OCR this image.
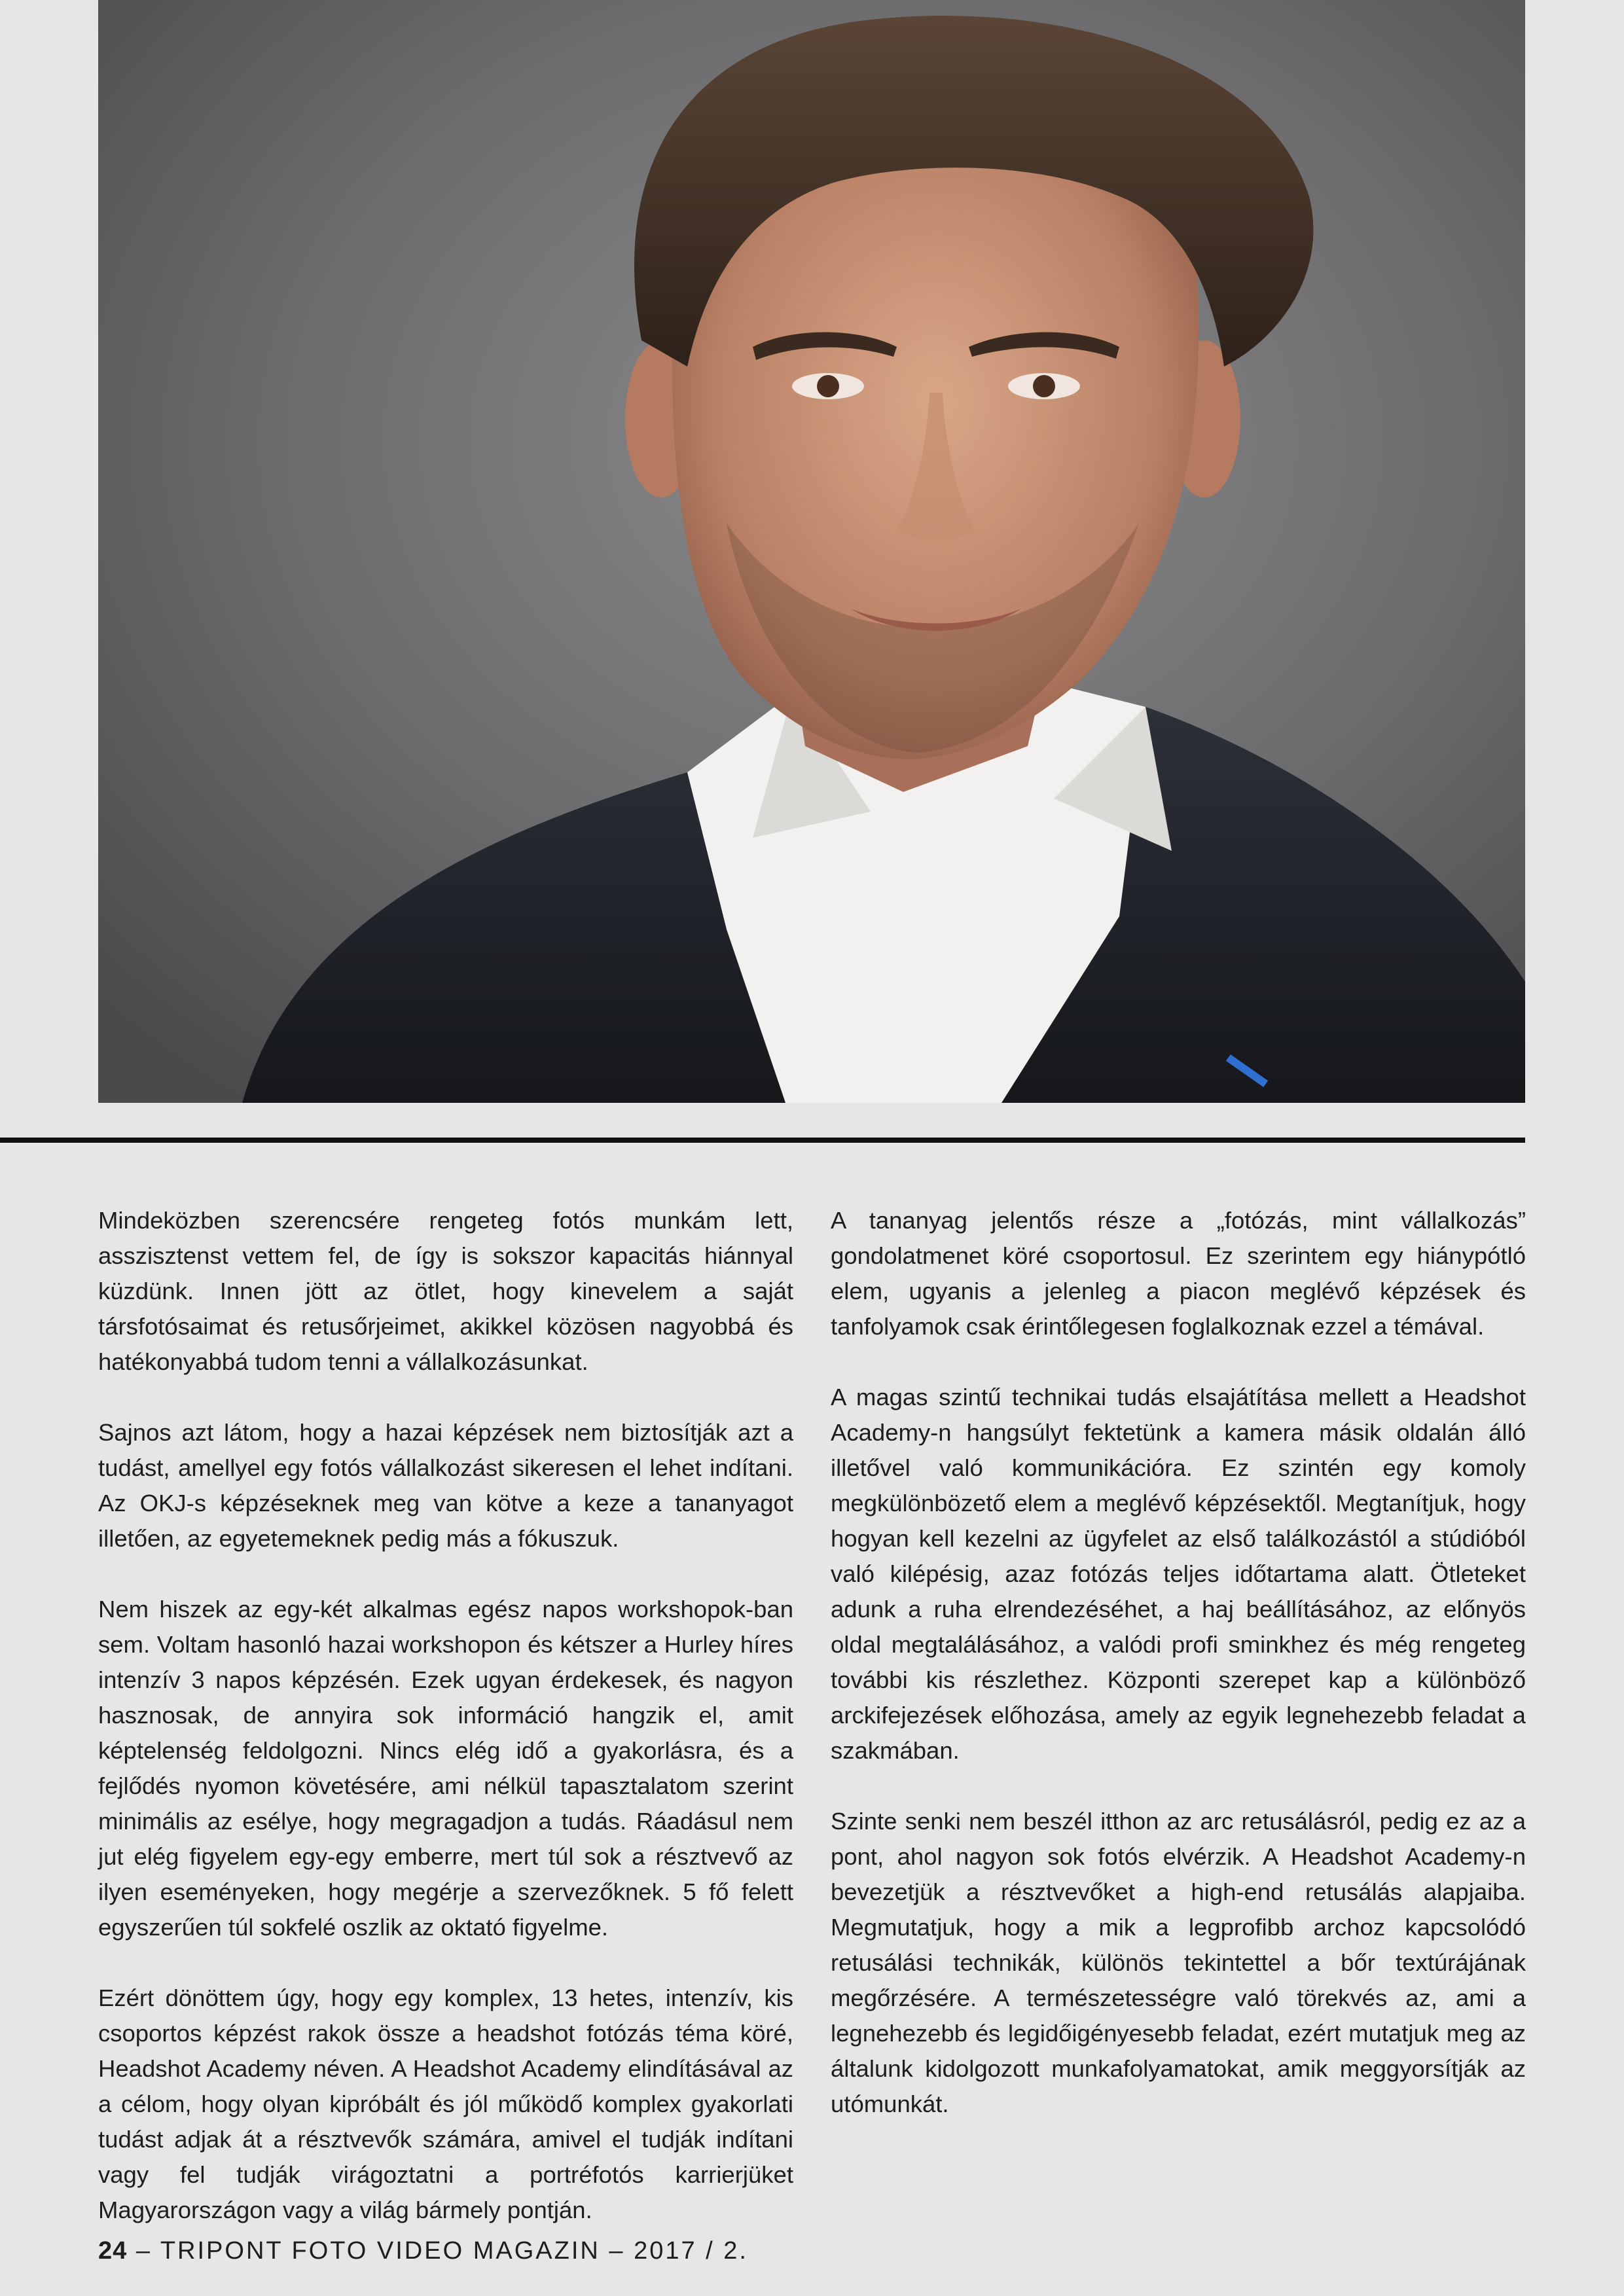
Mindeközben szerencsére rengeteg fotós munkám lett, asszisztenst vettem fel, de így is sokszor kapacitás hiánnyal küzdünk. Innen jött az ötlet, hogy kinevelem a saját társfotósaimat és retusőrjeimet, akikkel közösen nagyobbá és hatékonyabbá tudom tenni a vállalkozásunkat.

Sajnos azt látom, hogy a hazai képzések nem biztosítják azt a tudást, amellyel egy fotós vállalkozást sikeresen el lehet indítani. Az OKJ-s képzéseknek meg van kötve a keze a tananyagot illetően, az egyetemeknek pedig más a fókuszuk.

Nem hiszek az egy-két alkalmas egész napos workshopok-ban sem. Voltam hasonló hazai workshopon és kétszer a Hurley híres intenzív 3 napos képzésén. Ezek ugyan érdekesek, és nagyon hasznosak, de annyira sok információ hangzik el, amit képtelenség feldolgozni. Nincs elég idő a gyakorlásra, és a fejlődés nyomon követésére, ami nélkül tapasztalatom szerint minimális az esélye, hogy megragadjon a tudás. Ráadásul nem jut elég figyelem egy-egy emberre, mert túl sok a résztvevő az ilyen eseményeken, hogy megérje a szervezőknek. 5 fő felett egyszerűen túl sokfelé oszlik az oktató figyelme.

Ezért dönöttem úgy, hogy egy komplex, 13 hetes, intenzív, kis csoportos képzést rakok össze a headshot fotózás téma köré, Headshot Academy néven. A Headshot Academy elindításával az a célom, hogy olyan kipróbált és jól működő komplex gyakorlati tudást adjak át a résztvevők számára, amivel el tudják indítani vagy fel tudják virágoztatni a portréfotós karrierjüket Magyarországon vagy a világ bármely pontján.

A tananyag jelentős része a „fotózás, mint vállalkozás” gondolatmenet köré csoportosul. Ez szerintem egy hiánypótló elem, ugyanis a jelenleg a piacon meglévő képzések és tanfolyamok csak érintőlegesen foglalkoznak ezzel a témával.

A magas szintű technikai tudás elsajátítása mellett a Headshot Academy-n hangsúlyt fektetünk a kamera másik oldalán álló illetővel való kommunikációra. Ez szintén egy komoly megkülönbözető elem a meglévő képzésektől. Megtanítjuk, hogy hogyan kell kezelni az ügyfelet az első találkozástól a stúdióból való kilépésig, azaz fotózás teljes időtartama alatt. Ötleteket adunk a ruha elrendezéséhet, a haj beállításához, az előnyös oldal megtalálásához, a valódi profi sminkhez és még rengeteg további kis részlethez. Központi szerepet kap a különböző arckifejezések előhozása, amely az egyik legnehezebb feladat a szakmában.

Szinte senki nem beszél itthon az arc retusálásról, pedig ez az a pont, ahol nagyon sok fotós elvérzik. A Headshot Academy-n bevezetjük a résztvevőket a high-end retusálás alapjaiba. Megmutatjuk, hogy a mik a legprofibb archoz kapcsolódó retusálási technikák, különös tekintettel a bőr textúrájának megőrzésére. A természetességre való törekvés az, ami a legnehezebb és legidőigényesebb feladat, ezért mutatjuk meg az általunk kidolgozott munkafolyamatokat, amik meggyorsítják az utómunkát.

24 – TRIPONT FOTO VIDEO MAGAZIN – 2017 / 2.
